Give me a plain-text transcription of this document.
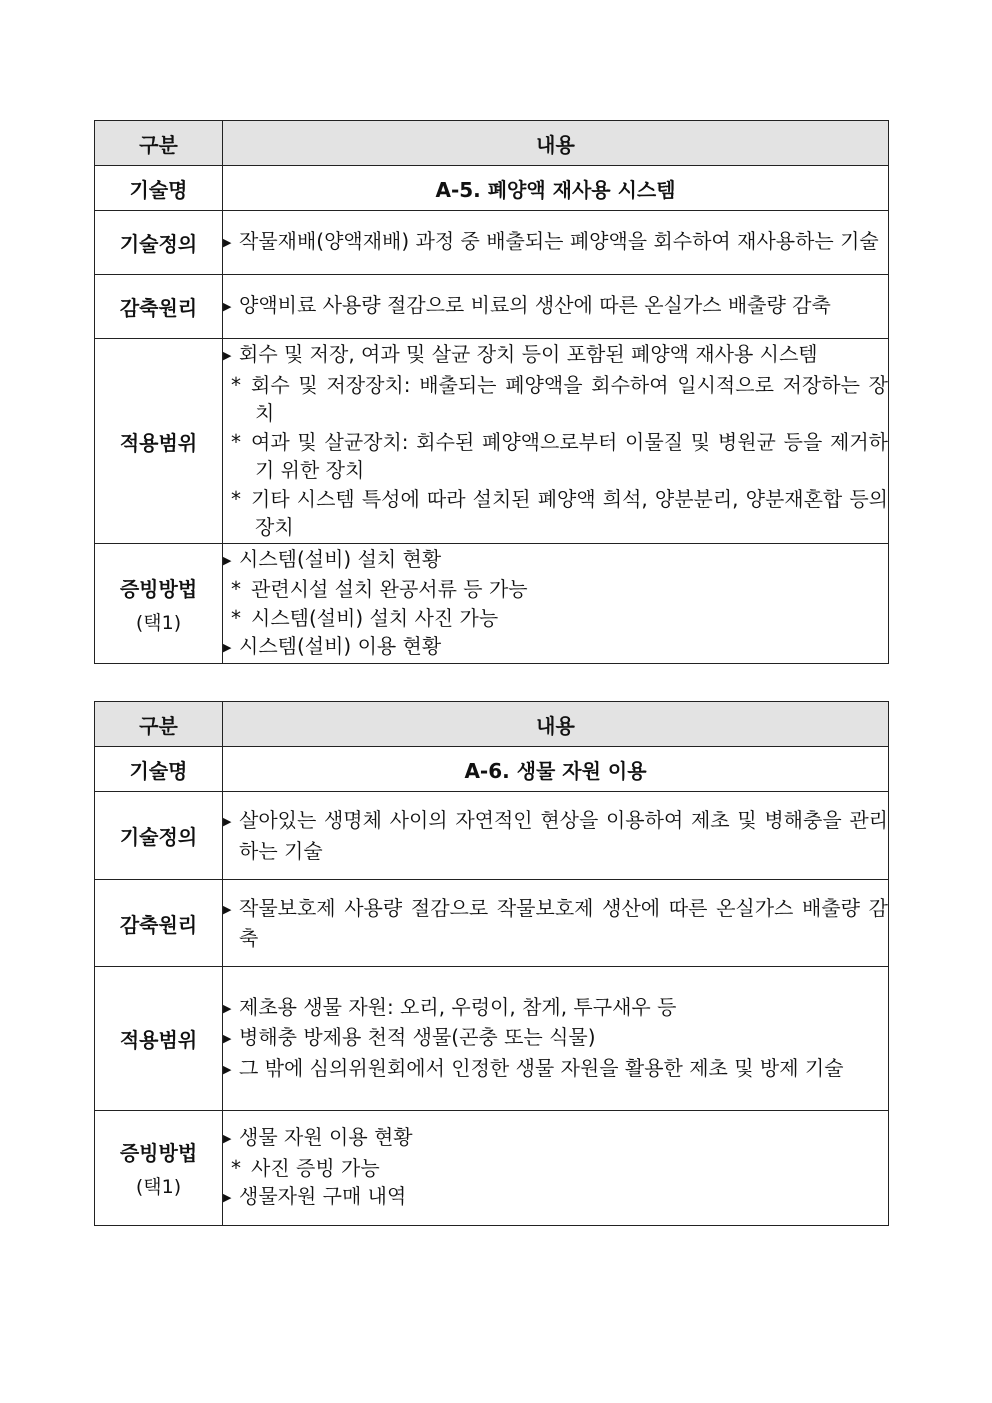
구분	내용
기술명	A-5. 폐양액 재사용 시스템
기술정의	▶ 작물재배(양액재배) 과정 중 배출되는 폐양액을 회수하여 재사용하는 기술

감축원리	▶ 양액비료 사용량 절감으로 비료의 생산에 따른 온실가스 배출량 감축

적용범위	▶ 회수 및 저장, 여과 및 살균 장치 등이 포함된 폐양액 재사용 시스템
* 회수 및 저장장치: 배출되는 폐양액을 회수하여 일시적으로 저장하는 장치
* 여과 및 살균장치: 회수된 폐양액으로부터 이물질 및 병원균 등을 제거하기 위한 장치
* 기타 시스템 특성에 따라 설치된 폐양액 희석, 양분분리, 양분재혼합 등의 장치

증빙방법
(택1)	▶ 시스템(설비) 설치 현황
* 관련시설 설치 완공서류 등 가능
* 시스템(설비) 설치 사진 가능
▶ 시스템(설비) 이용 현황
구분	내용
기술명	A-6. 생물 자원 이용
기술정의	▶ 살아있는 생명체 사이의 자연적인 현상을 이용하여 제초 및 병해충을 관리하는 기술

감축원리	▶ 작물보호제 사용량 절감으로 작물보호제 생산에 따른 온실가스 배출량 감축

적용범위	▶ 제초용 생물 자원: 오리, 우렁이, 참게, 투구새우 등
▶ 병해충 방제용 천적 생물(곤충 또는 식물)
▶ 그 밖에 심의위원회에서 인정한 생물 자원을 활용한 제초 및 방제 기술

증빙방법
(택1)	▶ 생물 자원 이용 현황
* 사진 증빙 가능
▶ 생물자원 구매 내역
